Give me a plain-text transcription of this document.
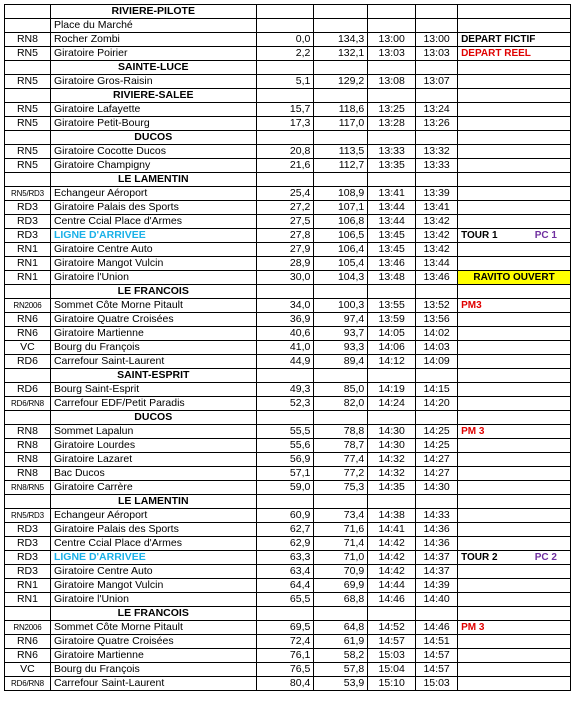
	RIVIERE-PILOTE					
	Place du Marché					
RN8	Rocher Zombi	0,0	134,3	13:00	13:00	DEPART FICTIF
RN5	Giratoire Poirier	2,2	132,1	13:03	13:03	DEPART REEL
	SAINTE-LUCE					
RN5	Giratoire Gros-Raisin	5,1	129,2	13:08	13:07	
	RIVIERE-SALEE					
RN5	Giratoire Lafayette	15,7	118,6	13:25	13:24	
RN5	Giratoire Petit-Bourg	17,3	117,0	13:28	13:26	
	DUCOS					
RN5	Giratoire Cocotte Ducos	20,8	113,5	13:33	13:32	
RN5	Giratoire Champigny	21,6	112,7	13:35	13:33	
	LE LAMENTIN					
RN5/RD3	Echangeur Aéroport	25,4	108,9	13:41	13:39	
RD3	Giratoire Palais des Sports	27,2	107,1	13:44	13:41	
RD3	Centre Ccial Place d'Armes	27,5	106,8	13:44	13:42	
RD3	LIGNE D'ARRIVEE	27,8	106,5	13:45	13:42	TOUR 1 PC 1

RN1	Giratoire Centre Auto	27,9	106,4	13:45	13:42	
RN1	Giratoire Mangot Vulcin	28,9	105,4	13:46	13:44	
RN1	Giratoire l'Union	30,0	104,3	13:48	13:46	RAVITO OUVERT
	LE FRANCOIS					
RN2006	Sommet Côte Morne Pitault	34,0	100,3	13:55	13:52	PM3
RN6	Giratoire Quatre Croisées	36,9	97,4	13:59	13:56	
RN6	Giratoire Martienne	40,6	93,7	14:05	14:02	
VC	Bourg du François	41,0	93,3	14:06	14:03	
RD6	Carrefour Saint-Laurent	44,9	89,4	14:12	14:09	
	SAINT-ESPRIT					
RD6	Bourg Saint-Esprit	49,3	85,0	14:19	14:15	
RD6/RN8	Carrefour EDF/Petit Paradis	52,3	82,0	14:24	14:20	
	DUCOS					
RN8	Sommet Lapalun	55,5	78,8	14:30	14:25	PM 3
RN8	Giratoire Lourdes	55,6	78,7	14:30	14:25	
RN8	Giratoire Lazaret	56,9	77,4	14:32	14:27	
RN8	Bac Ducos	57,1	77,2	14:32	14:27	
RN8/RN5	Giratoire Carrère	59,0	75,3	14:35	14:30	
	LE LAMENTIN					
RN5/RD3	Echangeur Aéroport	60,9	73,4	14:38	14:33	
RD3	Giratoire Palais des Sports	62,7	71,6	14:41	14:36	
RD3	Centre Ccial Place d'Armes	62,9	71,4	14:42	14:36	
RD3	LIGNE D'ARRIVEE	63,3	71,0	14:42	14:37	TOUR 2 PC 2

RD3	Giratoire Centre Auto	63,4	70,9	14:42	14:37	
RN1	Giratoire Mangot Vulcin	64,4	69,9	14:44	14:39	
RN1	Giratoire l'Union	65,5	68,8	14:46	14:40	
	LE FRANCOIS					
RN2006	Sommet Côte Morne Pitault	69,5	64,8	14:52	14:46	PM 3
RN6	Giratoire Quatre Croisées	72,4	61,9	14:57	14:51	
RN6	Giratoire Martienne	76,1	58,2	15:03	14:57	
VC	Bourg du François	76,5	57,8	15:04	14:57	
RD6/RN8	Carrefour Saint-Laurent	80,4	53,9	15:10	15:03	
